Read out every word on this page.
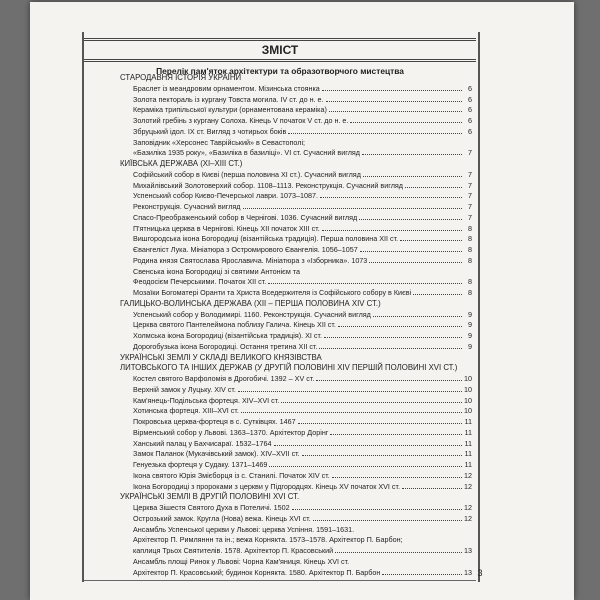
ЗМІСТ
Перелік пам'яток архітектури та образотворчого мистецтва
СТАРОДАВНЯ ІСТОРІЯ УКРАЇНИ
Браслет із меандровим орнаментом. Мізинська стоянка	6
Золота пектораль із кургану Товста могила. IV ст. до н. е.	6
Кераміка трипільської культури (орнаментована кераміка)	6
Золотий гребінь з кургану Солоха. Кінець V початок V ст. до н. е.	6
Збруцький ідол. IX ст. Вигляд з чотирьох боків	6
Заповідник «Херсонес Таврійський» в Севастополі;
«Базиліка 1935 року», «Базиліка в базиліці». VI ст. Сучасний вигляд	7
КИЇВСЬКА ДЕРЖАВА (XI–XIII СТ.)
Софійський собор в Києві (перша половина XI ст.). Сучасний вигляд	7
Михайлівський Золотоверхий собор. 1108–1113. Реконструкція. Сучасний вигляд	7
Успенський собор Києво-Печерської лаври. 1073–1087.	7
Реконструкція. Сучасний вигляд	7
Спасо-Преображенський собор в Чернігові. 1036. Сучасний вигляд	7
П'ятницька церква в Чернігові. Кінець XII початок XIII ст.	8
Вишгородська ікона Богородиці (візантійська традиція). Перша половина XII ст.	8
Євангеліст Лука. Мініатюра з Остромирового Євангелія. 1056–1057	8
Родина князя Святослава Ярославича. Мініатюра з «Ізборника». 1073	8
Свенська ікона Богородиці зі святими Антонієм та
Феодосієм Печерськими. Початок XII ст.	8
Мозаїки Богоматері Оранти та Христа Вседержителя із Софійського собору в Києві	8
ГАЛИЦЬКО-ВОЛИНСЬКА ДЕРЖАВА (XII – ПЕРША ПОЛОВИНА XIV СТ.)
Успенський собор у Володимирі. 1160. Реконструкція. Сучасний вигляд	9
Церква святого Пантелеймона поблизу Галича. Кінець XII ст.	9
Холмська ікона Богородиці (візантійська традиція). XI ст.	9
Дорогобузька ікона Богородиці. Остання третина XII ст.	9
УКРАЇНСЬКІ ЗЕМЛІ У СКЛАДІ ВЕЛИКОГО КНЯЗІВСТВА
ЛИТОВСЬКОГО ТА ІНШИХ ДЕРЖАВ (У ДРУГІЙ ПОЛОВИНІ XIV ПЕРШІЙ ПОЛОВИНІ XVI СТ.)
Костел святого Варфоломія в Дрогобичі. 1392 – XV ст.	10
Верхній замок у Луцьку. XIV ст.	10
Кам'янець-Подільська фортеця. XIV–XVI ст.	10
Хотинська фортеця. XIII–XVI ст.	10
Покровська церква-фортеця в с. Сутківцях. 1467	11
Вірменський собор у Львові. 1363–1370. Архітектор Дорінг	11
Ханський палац у Бахчисараї. 1532–1764	11
Замок Паланок (Мукачівський замок). XIV–XVII ст.	11
Генуезька фортеця у Судаку. 1371–1469	11
Ікона святого Юрія Змієборця із с. Станилі. Початок XIV ст.	12
Ікона Богородиці з пророками з церкви у Підгородцях. Кінець XV початок XVI ст.	12
УКРАЇНСЬКІ ЗЕМЛІ В ДРУГІЙ ПОЛОВИНІ XVI СТ.
Церква Зішестя Святого Духа в Потеличі. 1502	12
Острозький замок. Кругла (Нова) вежа. Кінець XVI ст.	12
Ансамбль Успенської церкви у Львові: церква Успіння. 1591–1631.
Архітектор П. Римляннн та ін.; вежа Корнякта. 1573–1578. Архітектор П. Барбон;
каплиця Трьох Святителів. 1578. Архітектор П. Красовський	13
Ансамбль площі Ринок у Львові: Чорна Кам'яниця. Кінець XVI ст.
Архітектор П. Красовський; будинок Корнякта. 1580. Архітектор П. Барбон	13 3
